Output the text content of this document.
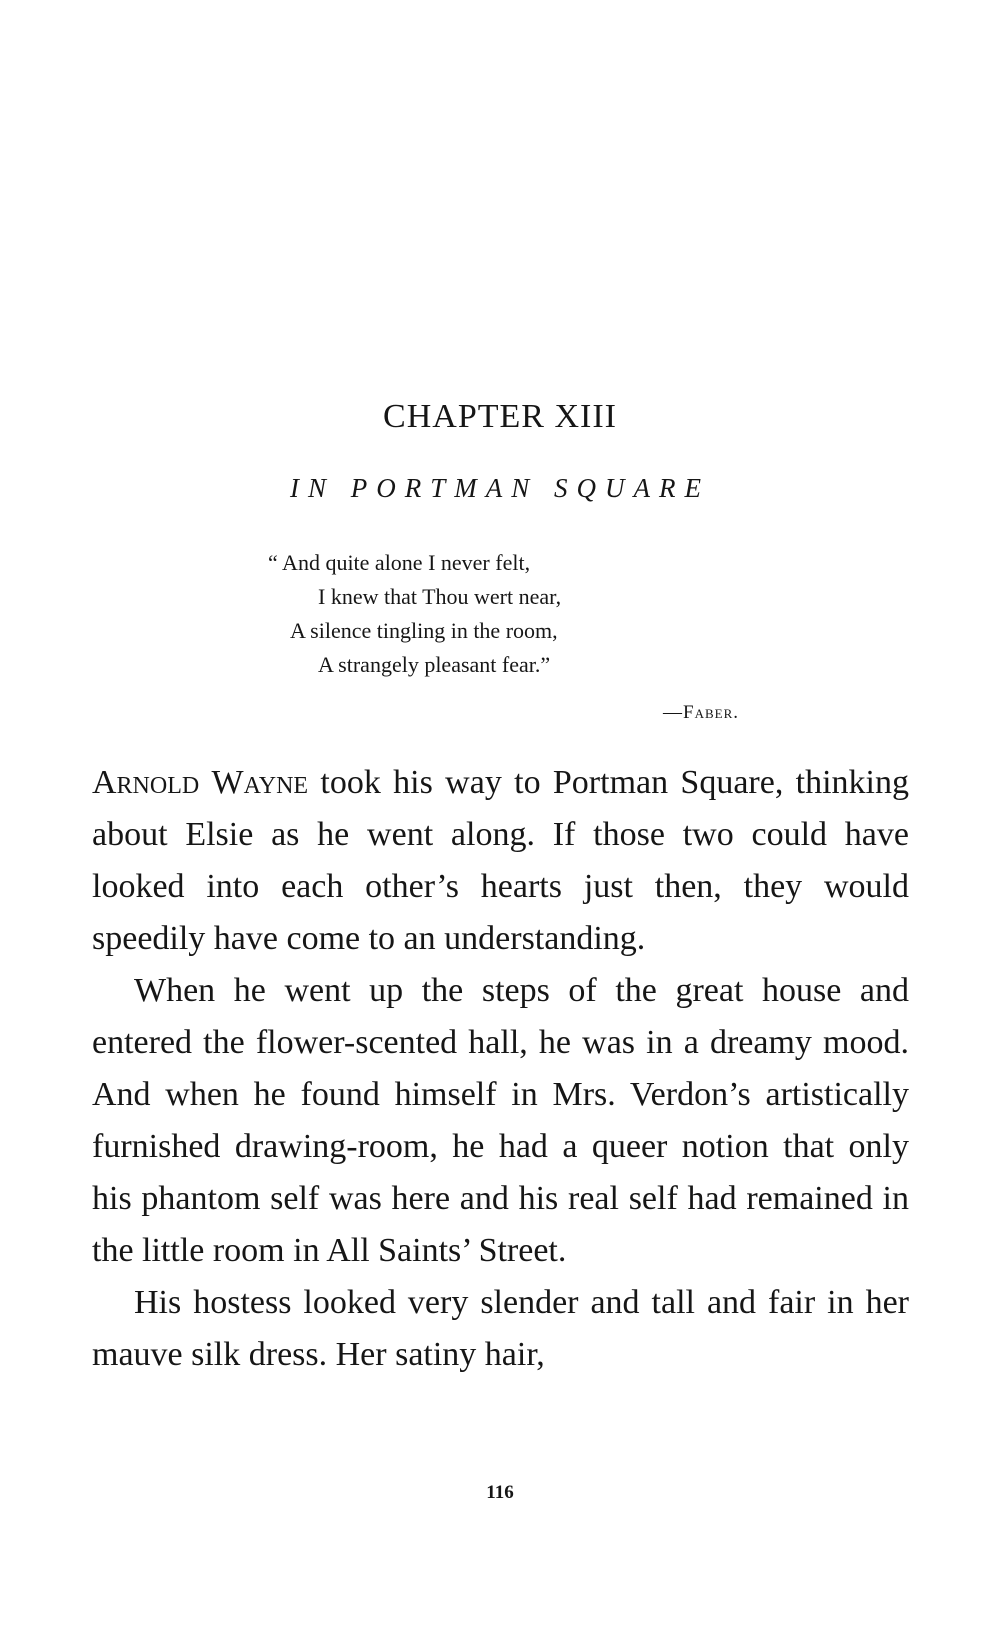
CHAPTER XIII
IN PORTMAN SQUARE
“ And quite alone I never felt,
I knew that Thou wert near,
A silence tingling in the room,
A strangely pleasant fear.”
—Faber.

Arnold Wayne took his way to Portman Square, thinking about Elsie as he went along. If those two could have looked into each other’s hearts just then, they would speedily have come to an understanding.

When he went up the steps of the great house and entered the flower-scented hall, he was in a dreamy mood. And when he found himself in Mrs. Verdon’s artistically furnished drawing-room, he had a queer notion that only his phantom self was here and his real self had remained in the little room in All Saints’ Street.

His hostess looked very slender and tall and fair in her mauve silk dress. Her satiny hair,

116
